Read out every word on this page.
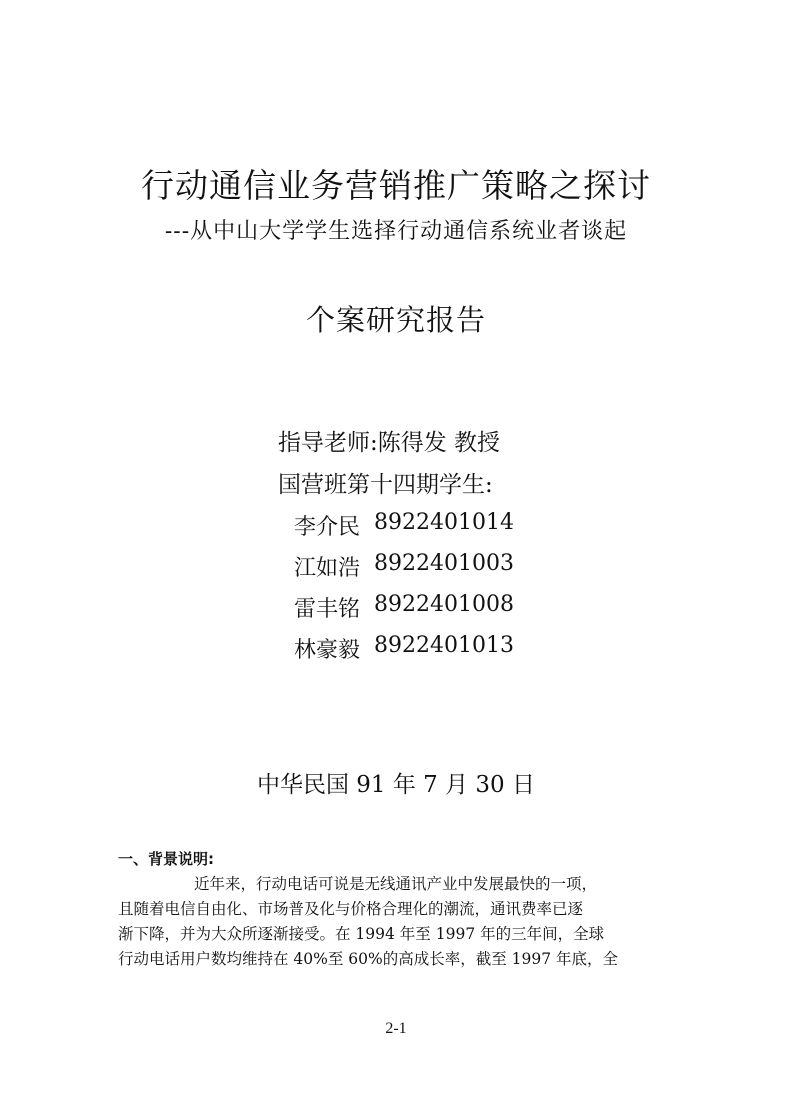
行动通信业务营销推广策略之探讨
---从中山大学学生选择行动通信系统业者谈起
个案研究报告
指导老师:陈得发 教授
国营班第十四期学生:
李介民 8922401014
江如浩 8922401003
雷丰铭 8922401008
林豪毅 8922401013
中华民国 91 年 7 月 30 日
一、背景说明:
近年来，行动电话可说是无线通讯产业中发展最快的一项，
且随着电信自由化、市场普及化与价格合理化的潮流，通讯费率已逐
渐下降，并为大众所逐渐接受。在 1994 年至 1997 年的三年间，全球
行动电话用户数均维持在 40%至 60%的高成长率，截至 1997 年底，全
2-1
